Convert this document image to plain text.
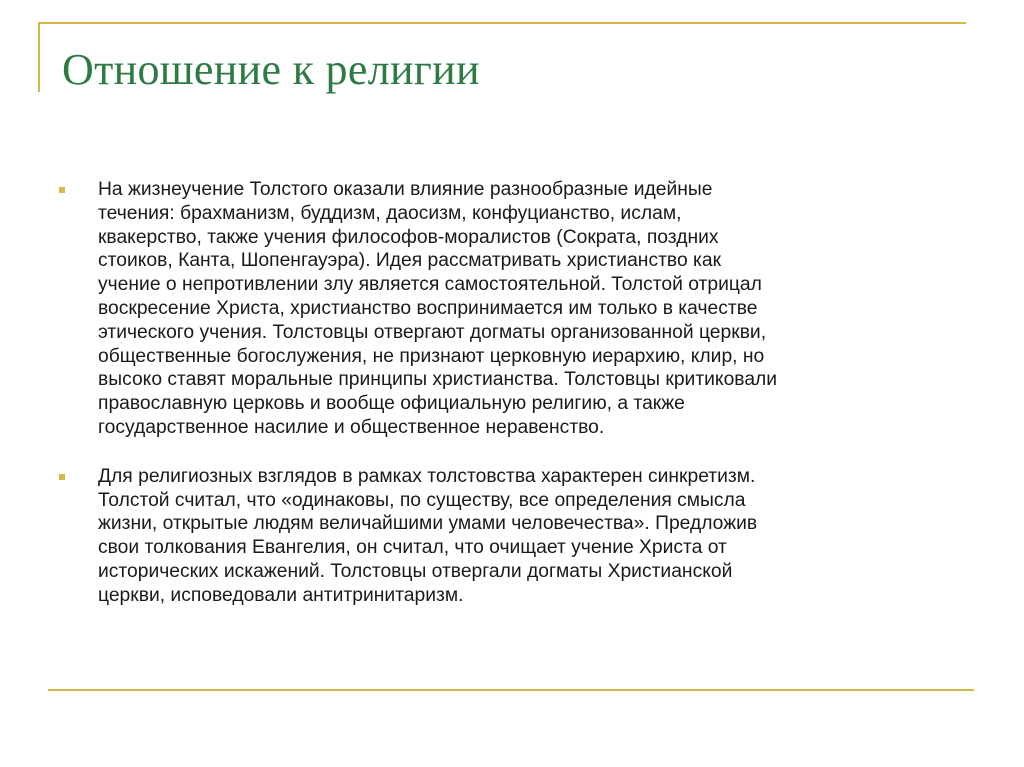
Отношение к религии
На жизнеучение Толстого оказали влияние разнообразные идейные
течения: брахманизм, буддизм, даосизм, конфуцианство, ислам,
квакерство, также учения философов-моралистов (Сократа, поздних
стоиков, Канта, Шопенгауэра). Идея рассматривать христианство как
учение о непротивлении злу является самостоятельной. Толстой отрицал
воскресение Христа, христианство воспринимается им только в качестве
этического учения. Толстовцы отвергают догматы организованной церкви,
общественные богослужения, не признают церковную иерархию, клир, но
высоко ставят моральные принципы христианства. Толстовцы критиковали
православную церковь и вообще официальную религию, а также
государственное насилие и общественное неравенство.
Для религиозных взглядов в рамках толстовства характерен синкретизм.
Толстой считал, что «одинаковы, по существу, все определения смысла
жизни, открытые людям величайшими умами человечества». Предложив
свои толкования Евангелия, он считал, что очищает учение Христа от
исторических искажений. Толстовцы отвергали догматы Христианской
церкви, исповедовали антитринитаризм.
